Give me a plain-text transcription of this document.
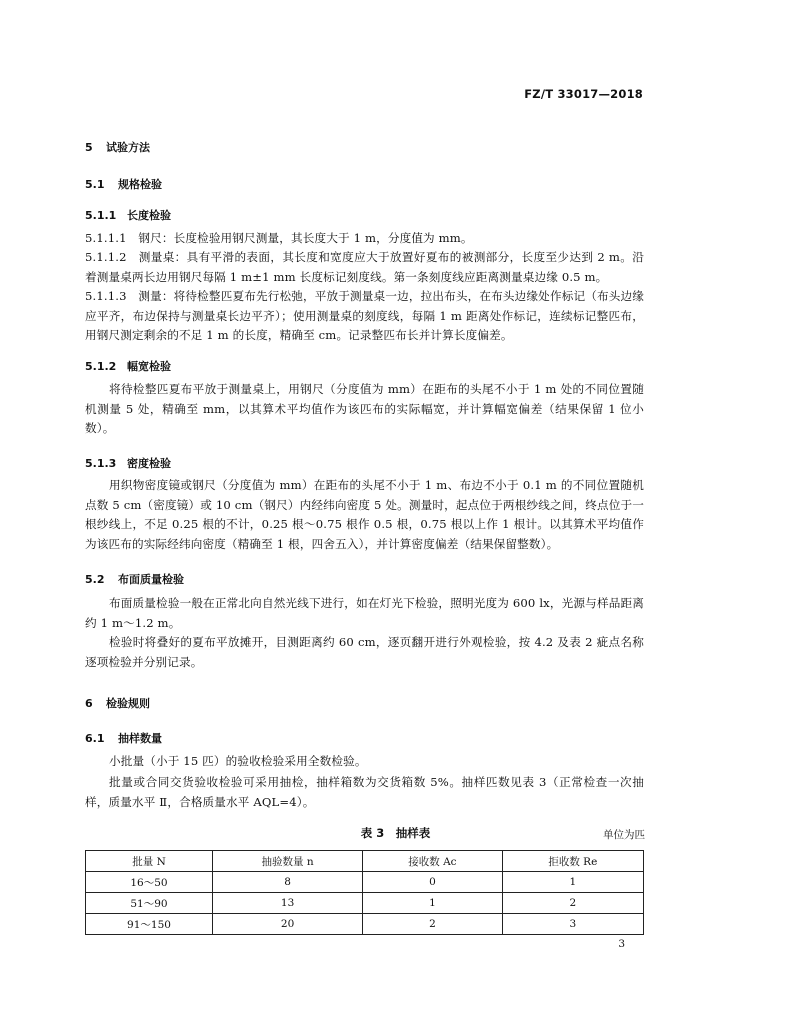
FZ/T 33017—2018
5 试验方法
5.1 规格检验
5.1.1 长度检验
5.1.1.1　钢尺：长度检验用钢尺测量，其长度大于 1 m，分度值为 mm。
5.1.1.2　测量桌：具有平滑的表面，其长度和宽度应大于放置好夏布的被测部分，长度至少达到 2 m。沿着测量桌两长边用钢尺每隔 1 m±1 mm 长度标记刻度线。第一条刻度线应距离测量桌边缘 0.5 m。
5.1.1.3　测量：将待检整匹夏布先行松弛，平放于测量桌一边，拉出布头，在布头边缘处作标记（布头边缘应平齐，布边保持与测量桌长边平齐）；使用测量桌的刻度线，每隔 1 m 距离处作标记，连续标记整匹布，用钢尺测定剩余的不足 1 m 的长度，精确至 cm。记录整匹布长并计算长度偏差。
5.1.2 幅宽检验
将待检整匹夏布平放于测量桌上，用钢尺（分度值为 mm）在距布的头尾不小于 1 m 处的不同位置随机测量 5 处，精确至 mm，以其算术平均值作为该匹布的实际幅宽，并计算幅宽偏差（结果保留 1 位小数）。
5.1.3 密度检验
用织物密度镜或钢尺（分度值为 mm）在距布的头尾不小于 1 m、布边不小于 0.1 m 的不同位置随机点数 5 cm（密度镜）或 10 cm（钢尺）内经纬向密度 5 处。测量时，起点位于两根纱线之间，终点位于一根纱线上，不足 0.25 根的不计，0.25 根～0.75 根作 0.5 根，0.75 根以上作 1 根计。以其算术平均值作为该匹布的实际经纬向密度（精确至 1 根，四舍五入），并计算密度偏差（结果保留整数）。
5.2 布面质量检验
布面质量检验一般在正常北向自然光线下进行，如在灯光下检验，照明光度为 600 lx，光源与样品距离约 1 m～1.2 m。
检验时将叠好的夏布平放摊开，目测距离约 60 cm，逐页翻开进行外观检验，按 4.2 及表 2 疵点名称逐项检验并分别记录。
6 检验规则
6.1 抽样数量
小批量（小于 15 匹）的验收检验采用全数检验。
批量或合同交货验收检验可采用抽检，抽样箱数为交货箱数 5%。抽样匹数见表 3（正常检查一次抽样，质量水平 Ⅱ，合格质量水平 AQL=4）。
表 3　抽样表	单位为匹
批量 N	抽验数量 n	接收数 Ac	拒收数 Re
16～50	8	0	1
51～90	13	1	2
91～150	20	2	3
3
